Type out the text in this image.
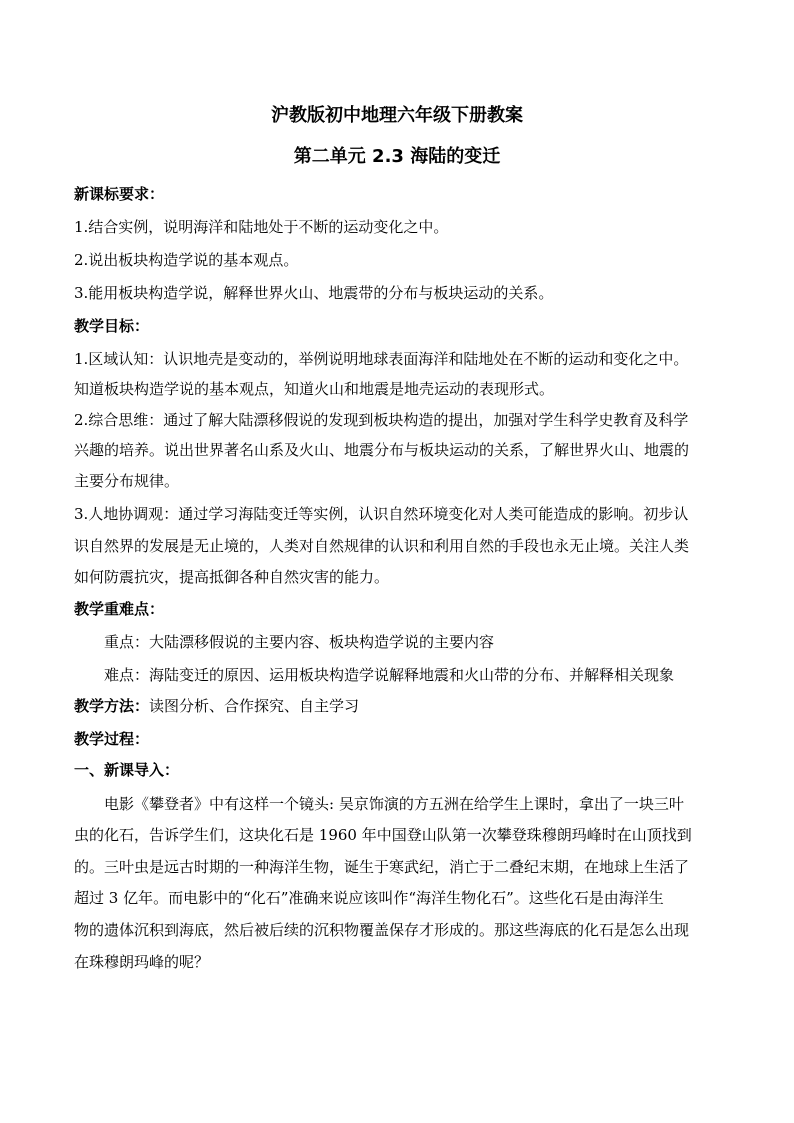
沪教版初中地理六年级下册教案
第二单元 2.3 海陆的变迁
新课标要求：
1.结合实例，说明海洋和陆地处于不断的运动变化之中。
2.说出板块构造学说的基本观点。
3.能用板块构造学说，解释世界火山、地震带的分布与板块运动的关系。
教学目标：
1.区域认知：认识地壳是变动的，举例说明地球表面海洋和陆地处在不断的运动和变化之中。
知道板块构造学说的基本观点，知道火山和地震是地壳运动的表现形式。
2.综合思维：通过了解大陆漂移假说的发现到板块构造的提出，加强对学生科学史教育及科学
兴趣的培养。说出世界著名山系及火山、地震分布与板块运动的关系，了解世界火山、地震的
主要分布规律。
3.人地协调观：通过学习海陆变迁等实例，认识自然环境变化对人类可能造成的影响。初步认
识自然界的发展是无止境的，人类对自然规律的认识和利用自然的手段也永无止境。关注人类
如何防震抗灾，提高抵御各种自然灾害的能力。
教学重难点：
重点：大陆漂移假说的主要内容、板块构造学说的主要内容
难点：海陆变迁的原因、运用板块构造学说解释地震和火山带的分布、并解释相关现象
教学方法：读图分析、合作探究、自主学习
教学过程：
一、新课导入：
电影《攀登者》中有这样一个镜头: 吴京饰演的方五洲在给学生上课时，拿出了一块三叶
虫的化石，告诉学生们，这块化石是 1960 年中国登山队第一次攀登珠穆朗玛峰时在山顶找到
的。三叶虫是远古时期的一种海洋生物，诞生于寒武纪，消亡于二叠纪末期，在地球上生活了
超过 3 亿年。而电影中的“化石”准确来说应该叫作“海洋生物化石”。这些化石是由海洋生
物的遗体沉积到海底，然后被后续的沉积物覆盖保存才形成的。那这些海底的化石是怎么出现
在珠穆朗玛峰的呢？
